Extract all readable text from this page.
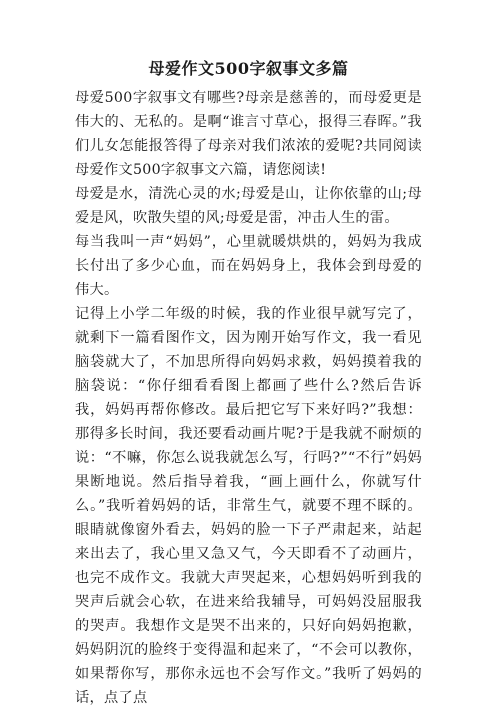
母爱作文500字叙事文多篇

母爱500字叙事文有哪些?母亲是慈善的，而母爱更是伟大的、无私的。是啊“谁言寸草心，报得三春晖。”我们儿女怎能报答得了母亲对我们浓浓的爱呢?共同阅读母爱作文500字叙事文六篇，请您阅读!

母爱是水，清洗心灵的水;母爱是山，让你依靠的山;母爱是风，吹散失望的风;母爱是雷，冲击人生的雷。

每当我叫一声“妈妈”，心里就暖烘烘的，妈妈为我成长付出了多少心血，而在妈妈身上，我体会到母爱的伟大。

记得上小学二年级的时候，我的作业很早就写完了，就剩下一篇看图作文，因为刚开始写作文，我一看见脑袋就大了，不加思所得向妈妈求救，妈妈摸着我的脑袋说：“你仔细看看图上都画了些什么?然后告诉我，妈妈再帮你修改。最后把它写下来好吗?”我想：那得多长时间，我还要看动画片呢?于是我就不耐烦的说：“不嘛，你怎么说我就怎么写，行吗?”“不行”妈妈果断地说。然后指导着我，“画上画什么，你就写什么。”我听着妈妈的话，非常生气，就要不理不睬的。眼睛就像窗外看去，妈妈的脸一下子严肃起来，站起来出去了，我心里又急又气，今天即看不了动画片，也完不成作文。我就大声哭起来，心想妈妈听到我的哭声后就会心软，在进来给我辅导，可妈妈没屈服我的哭声。我想作文是哭不出来的，只好向妈妈抱歉，妈妈阴沉的脸终于变得温和起来了，“不会可以教你，如果帮你写，那你永远也不会写作文。”我听了妈妈的话，点了点
